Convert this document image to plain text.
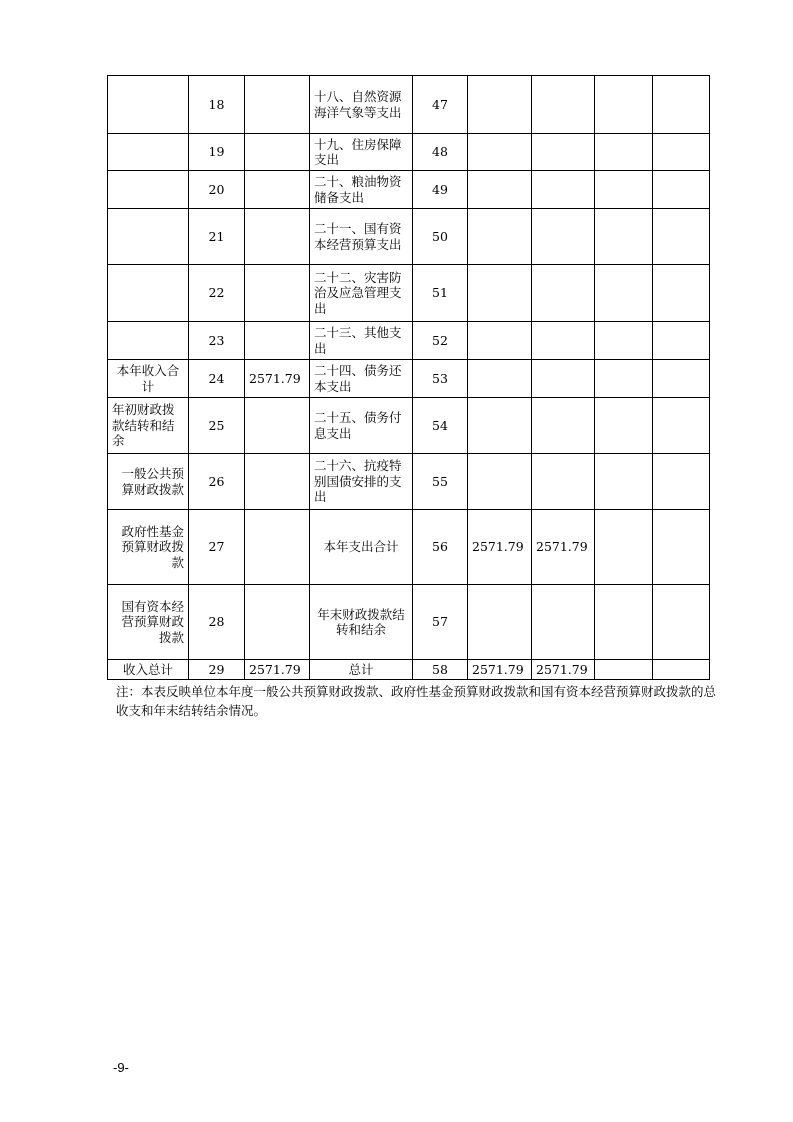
	18		十八、自然资源海洋气象等支出	47				
	19		十九、住房保障支出	48				
	20		二十、粮油物资储备支出	49				
	21		二十一、国有资本经营预算支出	50				
	22		二十二、灾害防治及应急管理支出	51				
	23		二十三、其他支出	52				
本年收入合计	24	2571.79	二十四、债务还本支出	53				
年初财政拨款结转和结余	25		二十五、债务付息支出	54				
一般公共预算财政拨款	26		二十六、抗疫特别国债安排的支出	55				
政府性基金预算财政拨款	27		本年支出合计	56	2571.79	2571.79		
国有资本经营预算财政拨款	28		年末财政拨款结转和结余	57				
收入总计	29	2571.79	总计	58	2571.79	2571.79		
注：本表反映单位本年度一般公共预算财政拨款、政府性基金预算财政拨款和国有资本经营预算财政拨款的总收支和年末结转结余情况。
-9-
